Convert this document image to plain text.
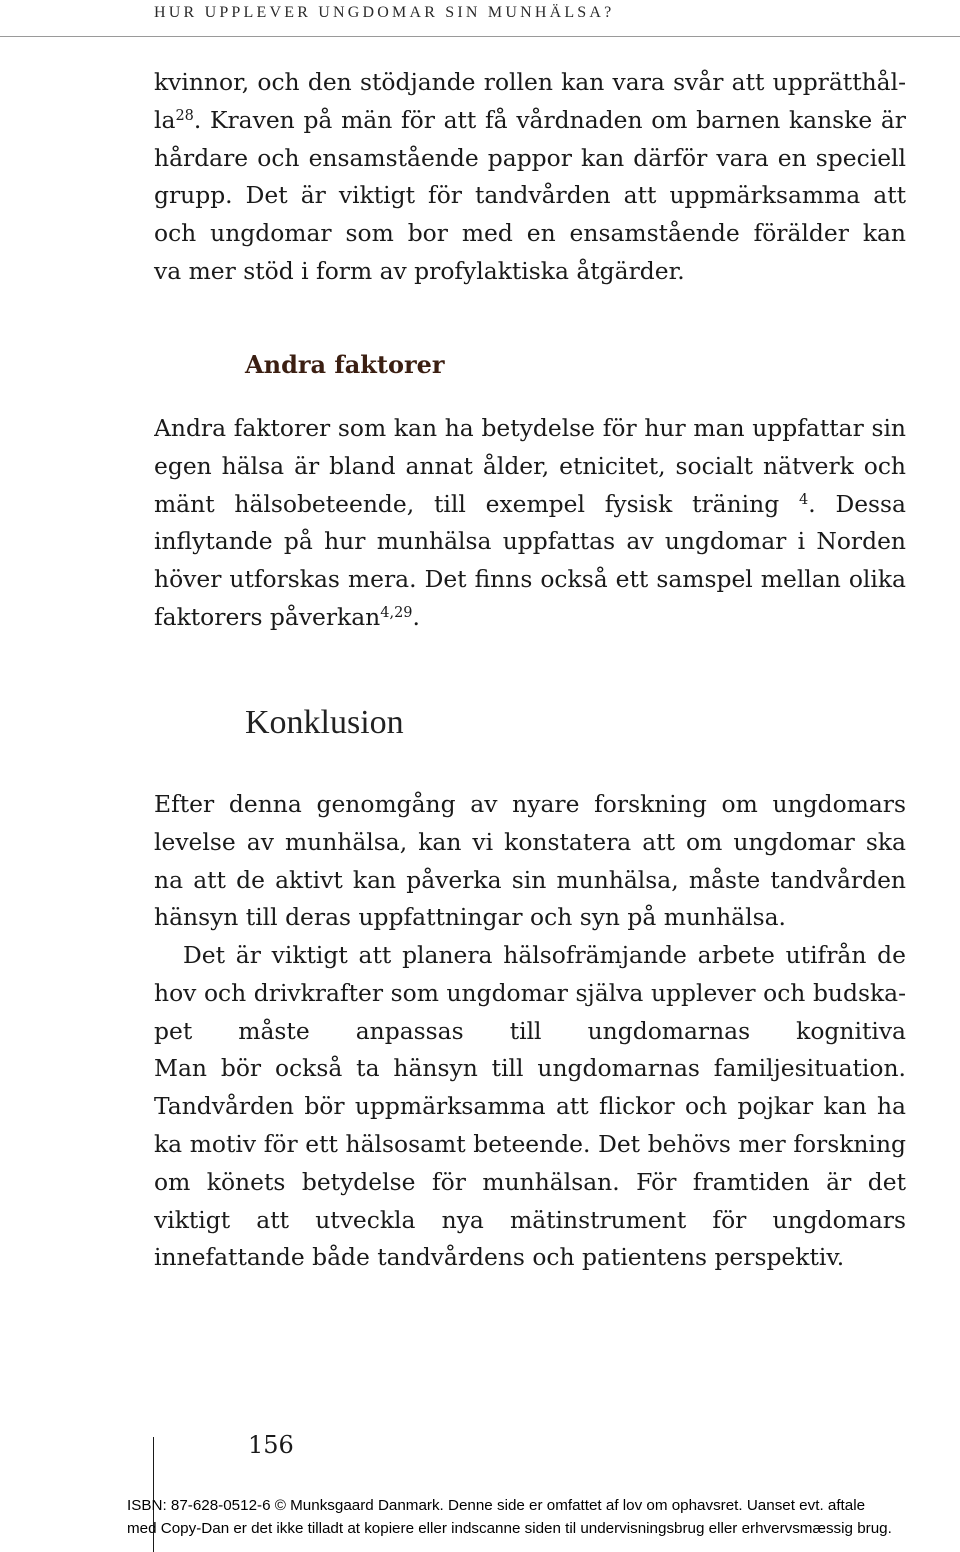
HUR UPPLEVER UNGDOMAR SIN MUNHÄLSA?
kvinnor, och den stödjande rollen kan vara svår att upprätthål-
$la^{28}$. Kraven på män för att få vårdnaden om barnen kanske är
hårdare och ensamstående pappor kan därför vara en speciell
grupp. Det är viktigt för tandvården att uppmärksamma att
och ungdomar som bor med en ensamstående förälder kan
va mer stöd i form av profylaktiska åtgärder.
Andra faktorer
Andra faktorer som kan ha betydelse för hur man uppfattar sin
egen hälsa är bland annat ålder, etnicitet, socialt nätverk och
mänt hälsobeteende, till exempel fysisk träning $^4$. Dessa
inflytande på hur munhälsa uppfattas av ungdomar i Norden
höver utforskas mera. Det finns också ett samspel mellan olika
faktorers påverkan$^{4,29}$.
Konklusion
Efter denna genomgång av nyare forskning om ungdomars
levelse av munhälsa, kan vi konstatera att om ungdomar ska
na att de aktivt kan påverka sin munhälsa, måste tandvården
hänsyn till deras uppfattningar och syn på munhälsa.
Det är viktigt att planera hälsofrämjande arbete utifrån de
hov och drivkrafter som ungdomar själva upplever och budska-
pet måste anpassas till ungdomarnas kognitiva
Man bör också ta hänsyn till ungdomarnas familjesituation.
Tandvården bör uppmärksamma att flickor och pojkar kan ha
ka motiv för ett hälsosamt beteende. Det behövs mer forskning
om könets betydelse för munhälsan. För framtiden är det
viktigt att utveckla nya mätinstrument för ungdomars
innefattande både tandvårdens och patientens perspektiv.
156
ISBN: 87-628-0512-6 © Munksgaard Danmark. Denne side er omfattet af lov om ophavsret. Uanset evt. aftale
med Copy-Dan er det ikke tilladt at kopiere eller indscanne siden til undervisningsbrug eller erhvervsmæssig brug.
